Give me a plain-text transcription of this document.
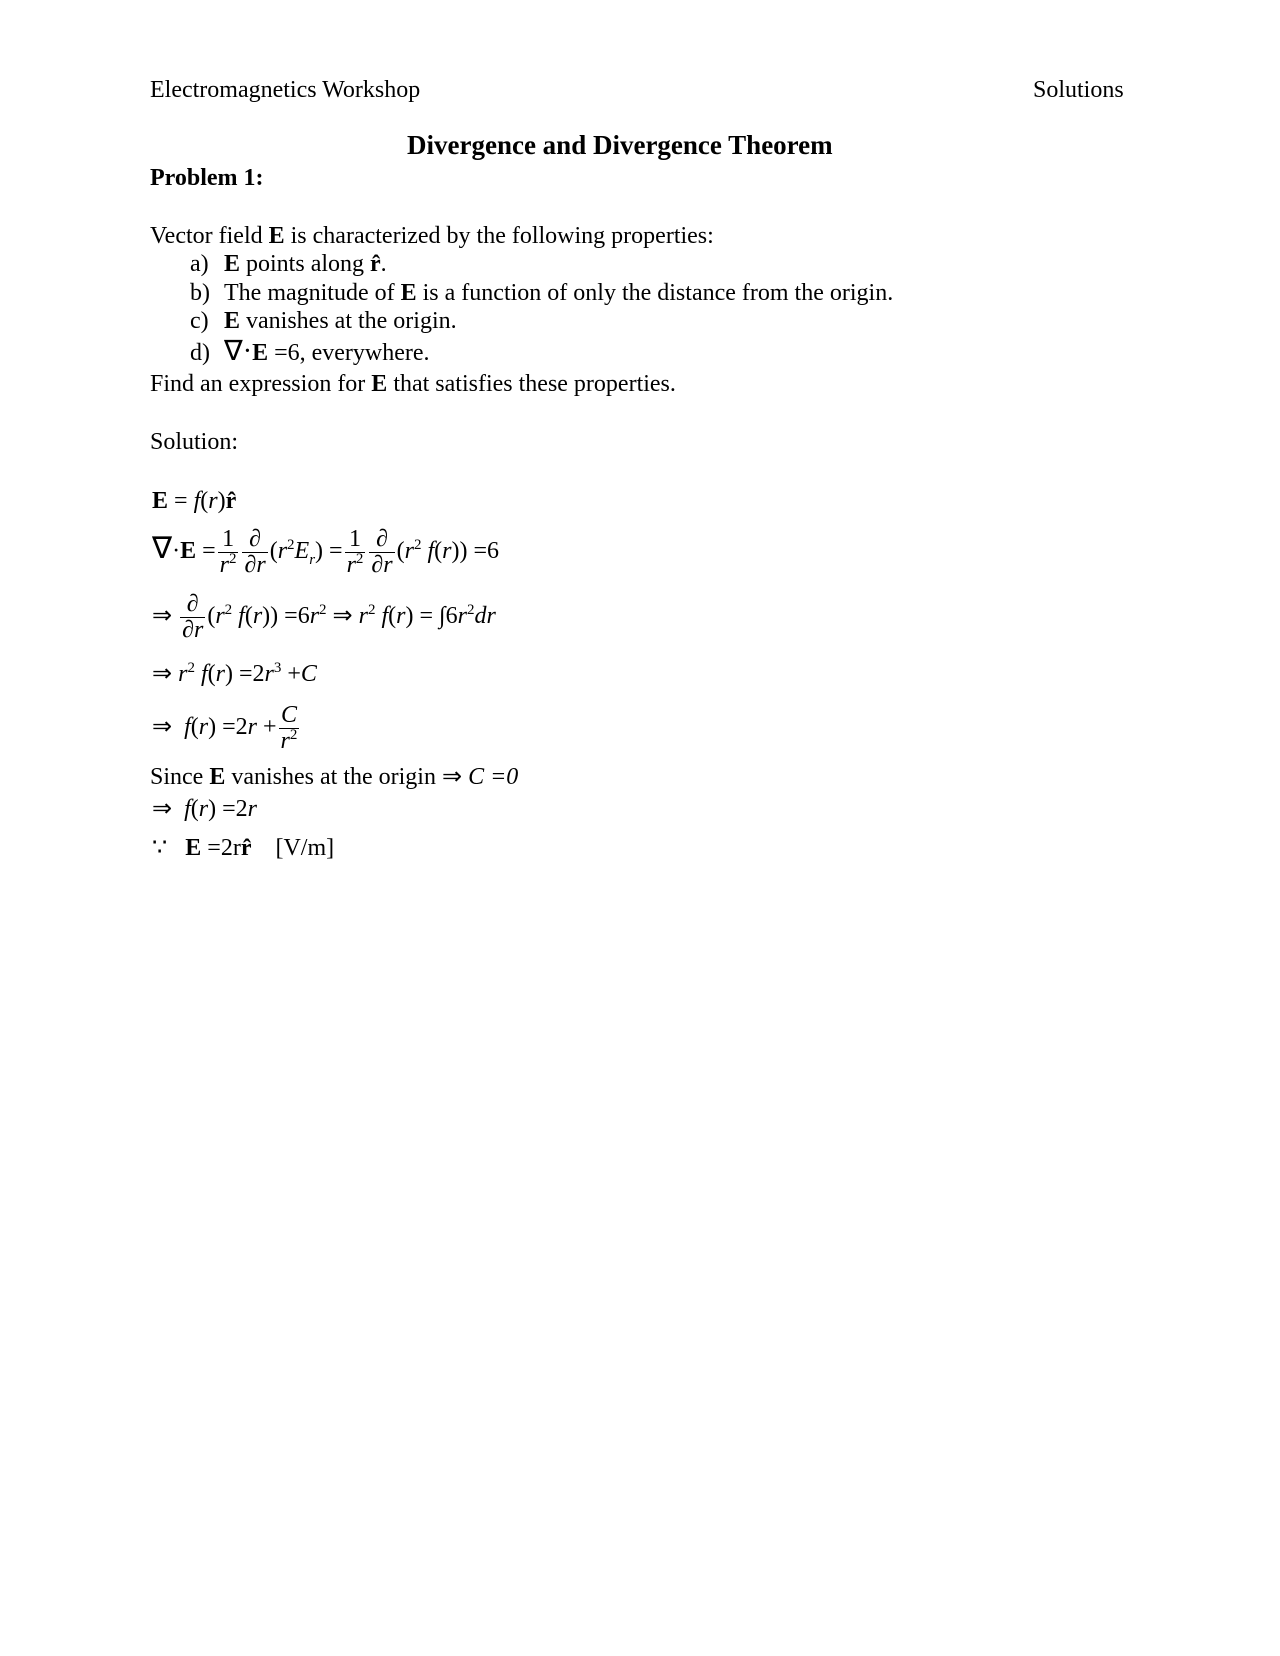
Electromagnetics Workshop	Solutions
Divergence and Divergence Theorem
Problem 1:
Vector field E is characterized by the following properties:
a) E points along r̂.
b) The magnitude of E is a function of only the distance from the origin.
c) E vanishes at the origin.
d) ∇·E =6, everywhere.
Find an expression for E that satisfies these properties.
Solution:
E = f(r)r̂
$\nabla\cdot E = \frac{1}{r^2} \frac{\partial}{\partial r} (r^2E_r) = \frac{1}{r^2} \frac{\partial}{\partial r} (r^2$ f(r)) =6
⇒ $\frac{\partial}{\partial r} (r^2$ $f(r)) =6r^2$ ⇒ $r^2$ $f(r) = \int 6r^2dr$
⇒ $r^2$ $f(r) =2r^3 +C$
⇒  $f(r) =2r + \frac{C}{r^2}$
Since E vanishes at the origin ⇒ C =0
⇒  f(r) =2r
∵ E =2rr̂ [V/m]
